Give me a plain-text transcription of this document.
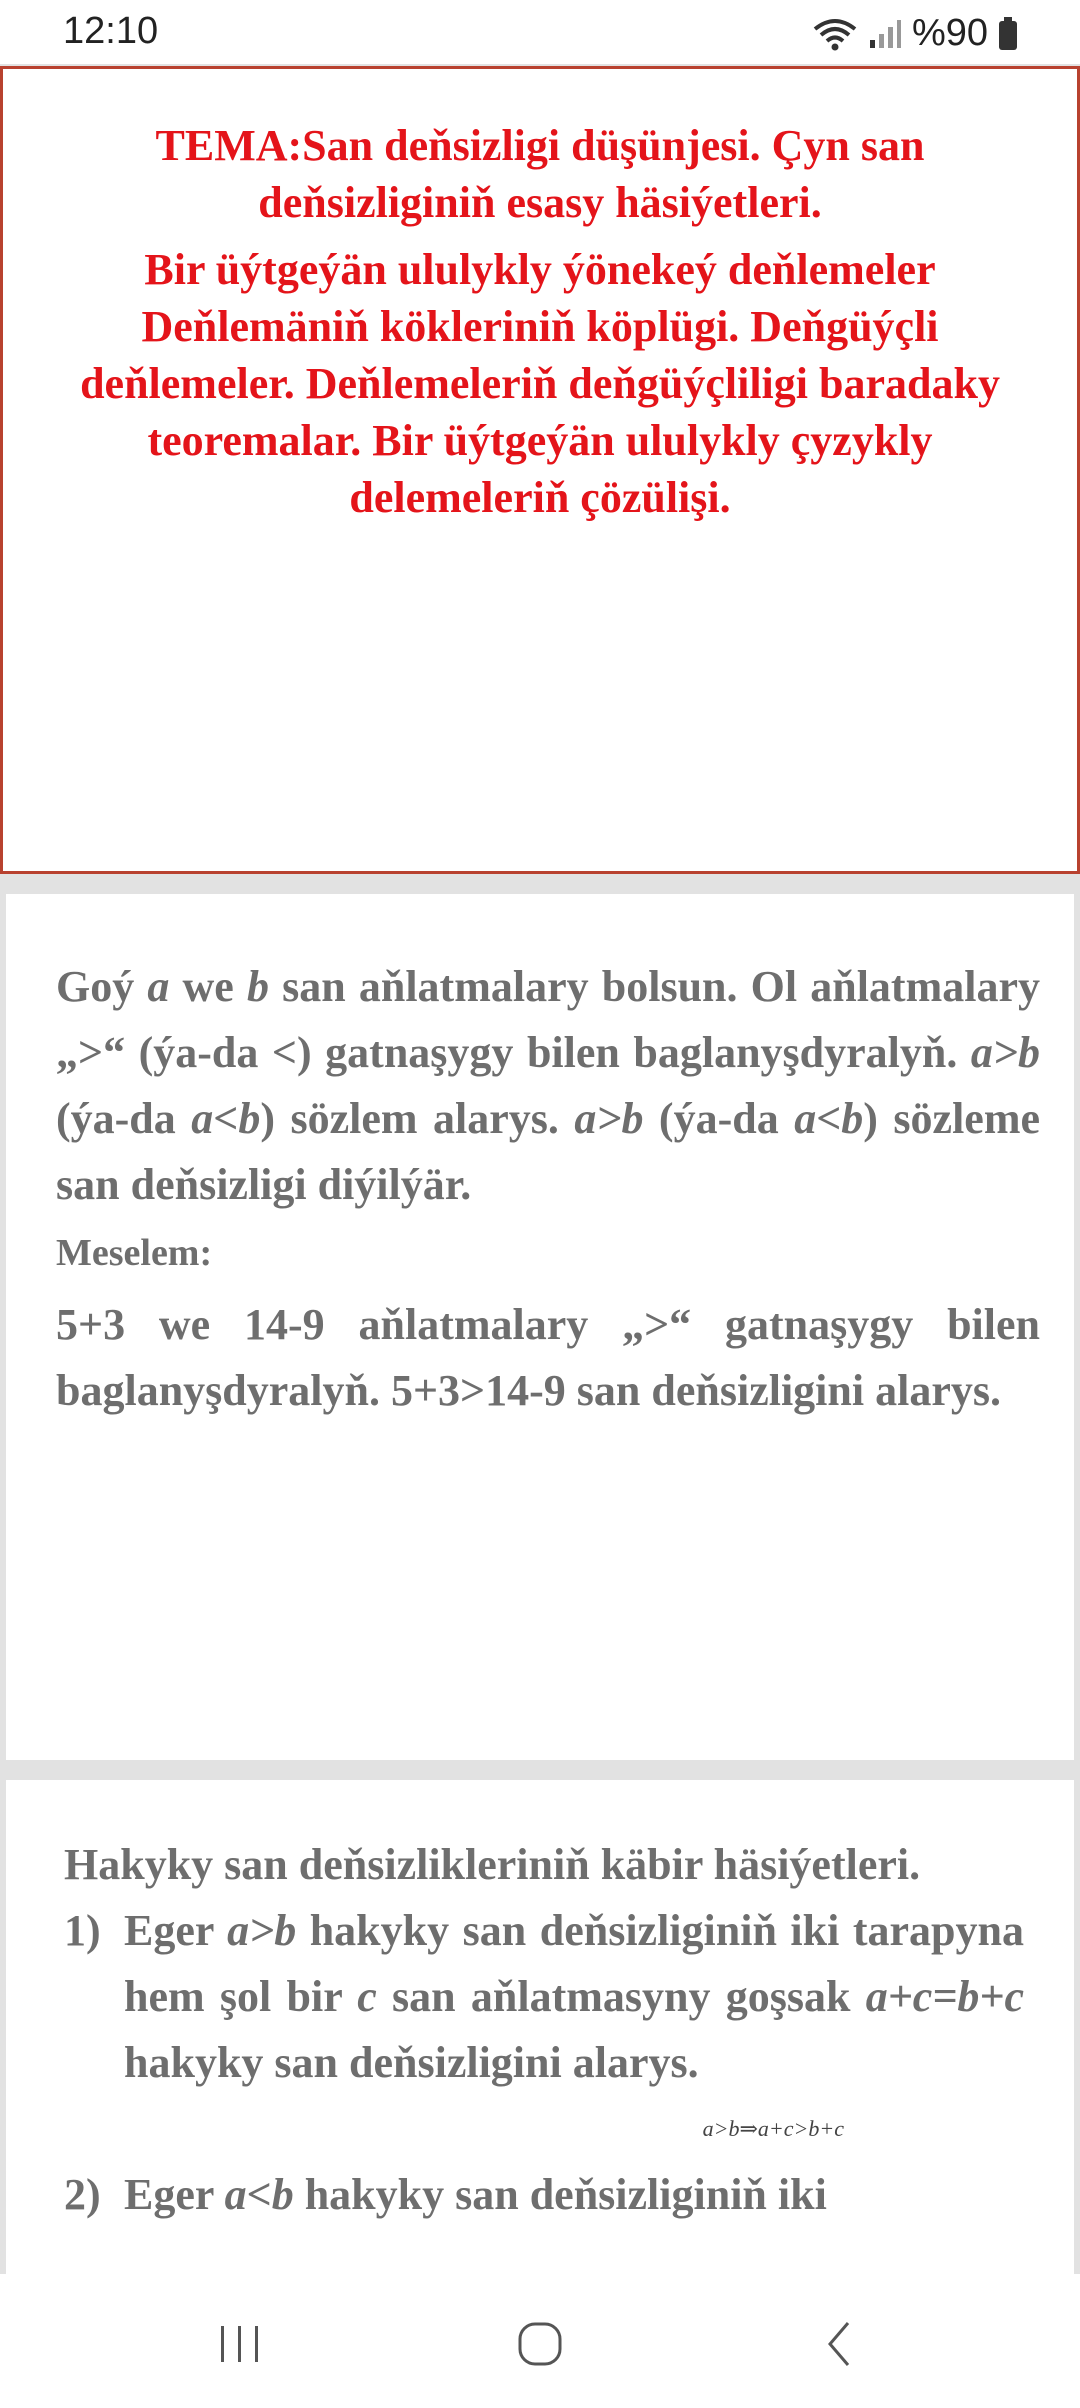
12:10	%90

TEMA:San deňsizligi düşünjesi. Çyn san deňsizliginiň esasy häsiýetleri.

Bir üýtgeýän ululykly ýönekeý deňlemeler Deňlemäniň kökleriniň köplügi. Deňgüýçli deňlemeler. Deňlemeleriň deňgüýçliligi baradaky teoremalar. Bir üýtgeýän ululykly çyzykly delemeleriň çözülişi.

Goý a we b san aňlatmalary bolsun. Ol aňlatmalary „>“ (ýa-da <) gatnaşygy bilen baglanyşdyralyň. a>b (ýa-da a<b) sözlem alarys. a>b (ýa-da a<b) sözleme san deňsizligi diýilýär.

Meselem:

5+3 we 14-9 aňlatmalary „>“ gatnaşygy bilen baglanyşdyralyň. 5+3>14-9 san deňsizligini alarys.

Hakyky san deňsizlikleriniň käbir häsiýetleri.

1) Eger a>b hakyky san deňsizliginiň iki tarapyna hem şol bir c san aňlatmasyny goşsak a+c=b+c hakyky san deňsizligini alarys.

a>b⇒a+c>b+c

2) Eger a<b hakyky san deňsizliginiň iki
